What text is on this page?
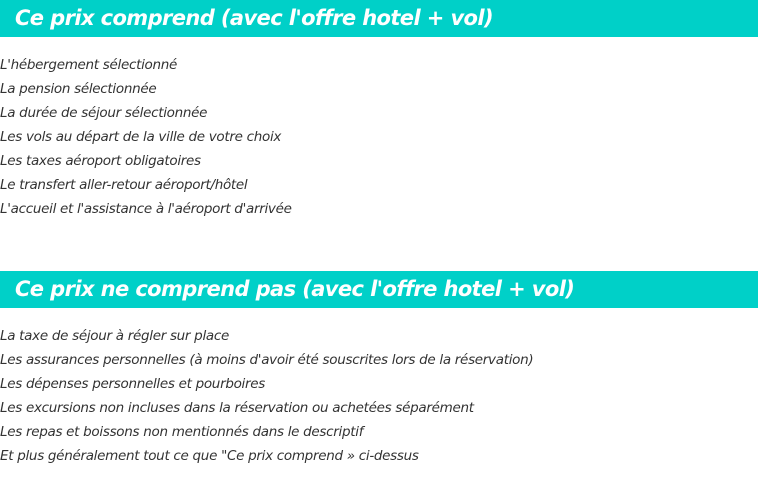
Ce prix comprend (avec l'offre hotel + vol)
L'hébergement sélectionné
La pension sélectionnée
La durée de séjour sélectionnée
Les vols au départ de la ville de votre choix
Les taxes aéroport obligatoires
Le transfert aller-retour aéroport/hôtel
L'accueil et l'assistance à l'aéroport d'arrivée
Ce prix ne comprend pas (avec l'offre hotel + vol)
La taxe de séjour à régler sur place
Les assurances personnelles (à moins d'avoir été souscrites lors de la réservation)
Les dépenses personnelles et pourboires
Les excursions non incluses dans la réservation ou achetées séparément
Les repas et boissons non mentionnés dans le descriptif
Et plus généralement tout ce que "Ce prix comprend » ci-dessus
